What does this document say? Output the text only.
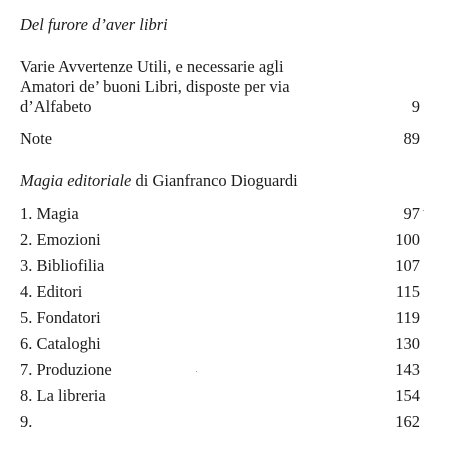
Del furore d’aver libri
Varie Avvertenze Utili, e necessarie agli
Amatori de’ buoni Libri, disposte per via
d’Alfabeto	9
Note	89
Magia editoriale di Gianfranco Dioguardi
1. Magia	97
2. Emozioni	100
3. Bibliofilia	107
4. Editori	115
5. Fondatori	119
6. Cataloghi	130
7. Produzione	143
8. La libreria	154
9.	162
